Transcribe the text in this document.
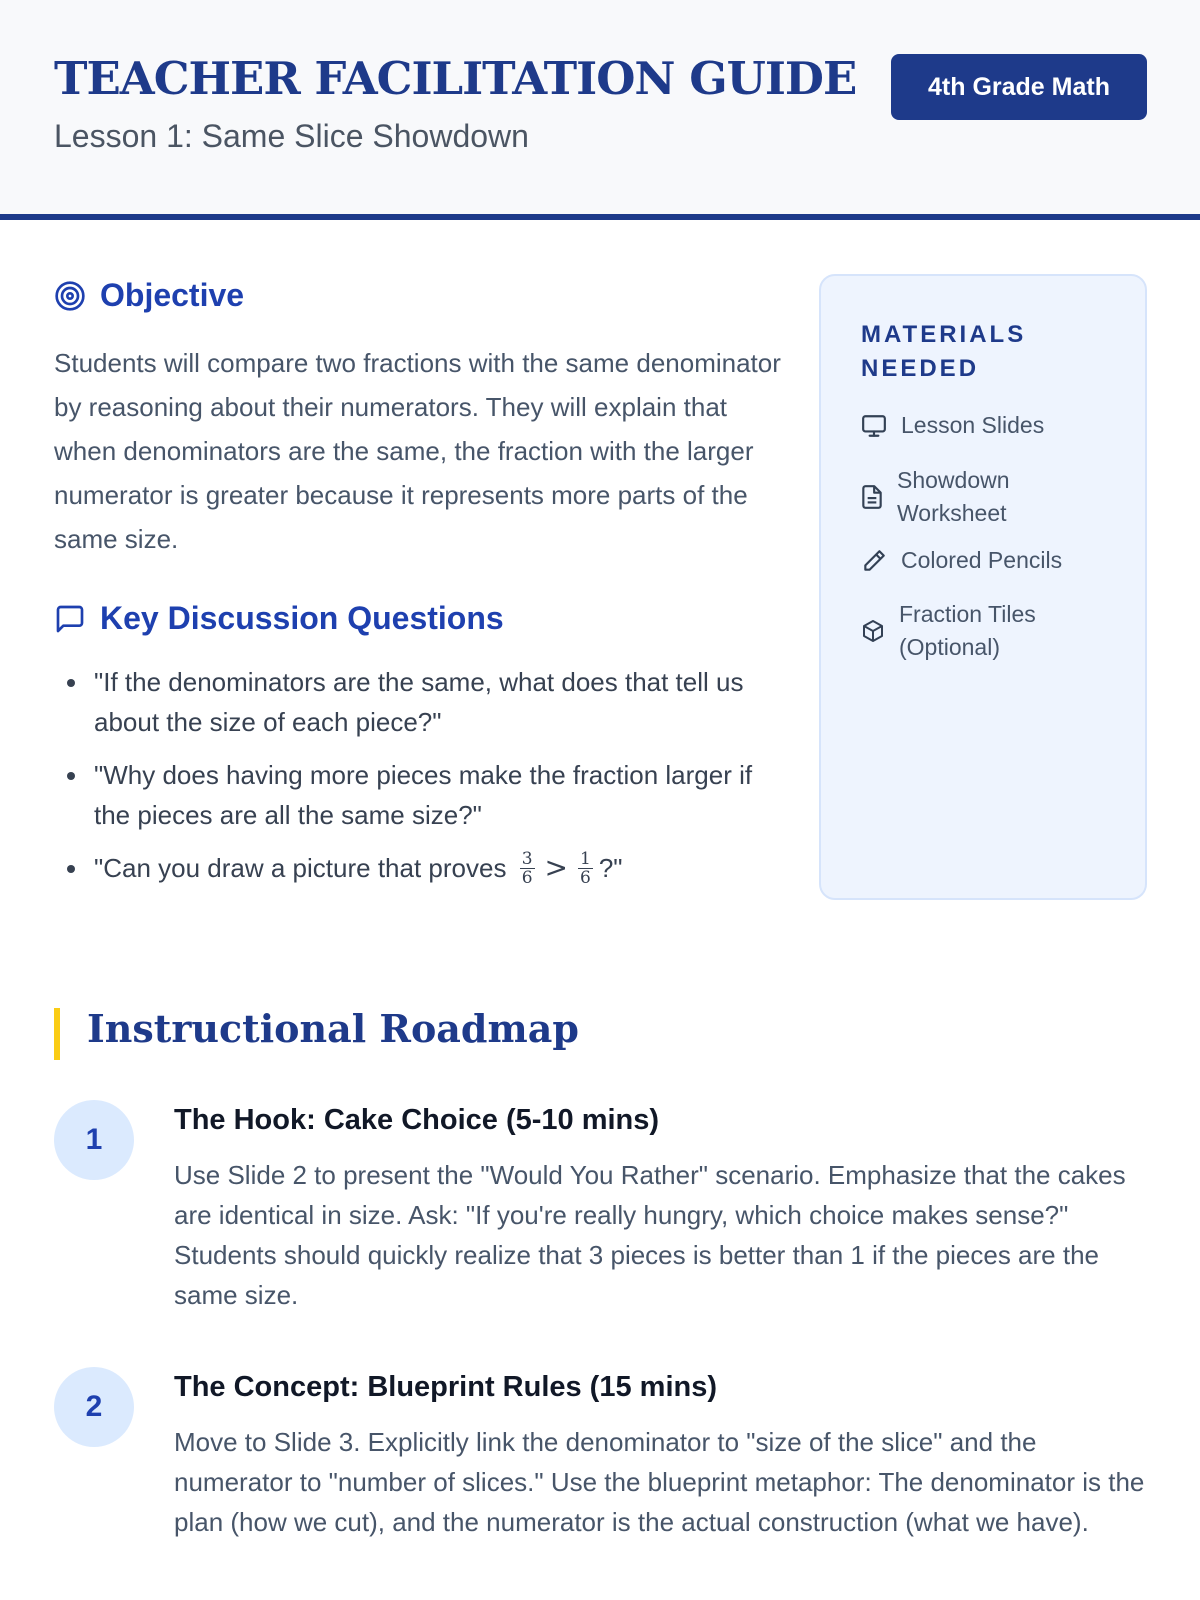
TEACHER FACILITATION GUIDE
Lesson 1: Same Slice Showdown
4th Grade Math
Objective

Students will compare two fractions with the same denominator by reasoning about their numerators. They will explain that when denominators are the same, the fraction with the larger numerator is greater because it represents more parts of the same size.

Key Discussion Questions
"If the denominators are the same, what does that tell us about the size of each piece?"
"Why does having more pieces make the fraction larger if the pieces are all the same size?"
"Can you draw a picture that proves $\frac{3}{6} > \frac{1}{6}$ ?"
MATERIALS NEEDED
Lesson Slides
Showdown Worksheet
Colored Pencils
Fraction Tiles (Optional)
Instructional Roadmap
1
The Hook: Cake Choice (5-10 mins)

Use Slide 2 to present the "Would You Rather" scenario. Emphasize that the cakes are identical in size. Ask: "If you're really hungry, which choice makes sense?" Students should quickly realize that 3 pieces is better than 1 if the pieces are the same size.

2
The Concept: Blueprint Rules (15 mins)

Move to Slide 3. Explicitly link the denominator to "size of the slice" and the numerator to "number of slices." Use the blueprint metaphor: The denominator is the plan (how we cut), and the numerator is the actual construction (what we have).
